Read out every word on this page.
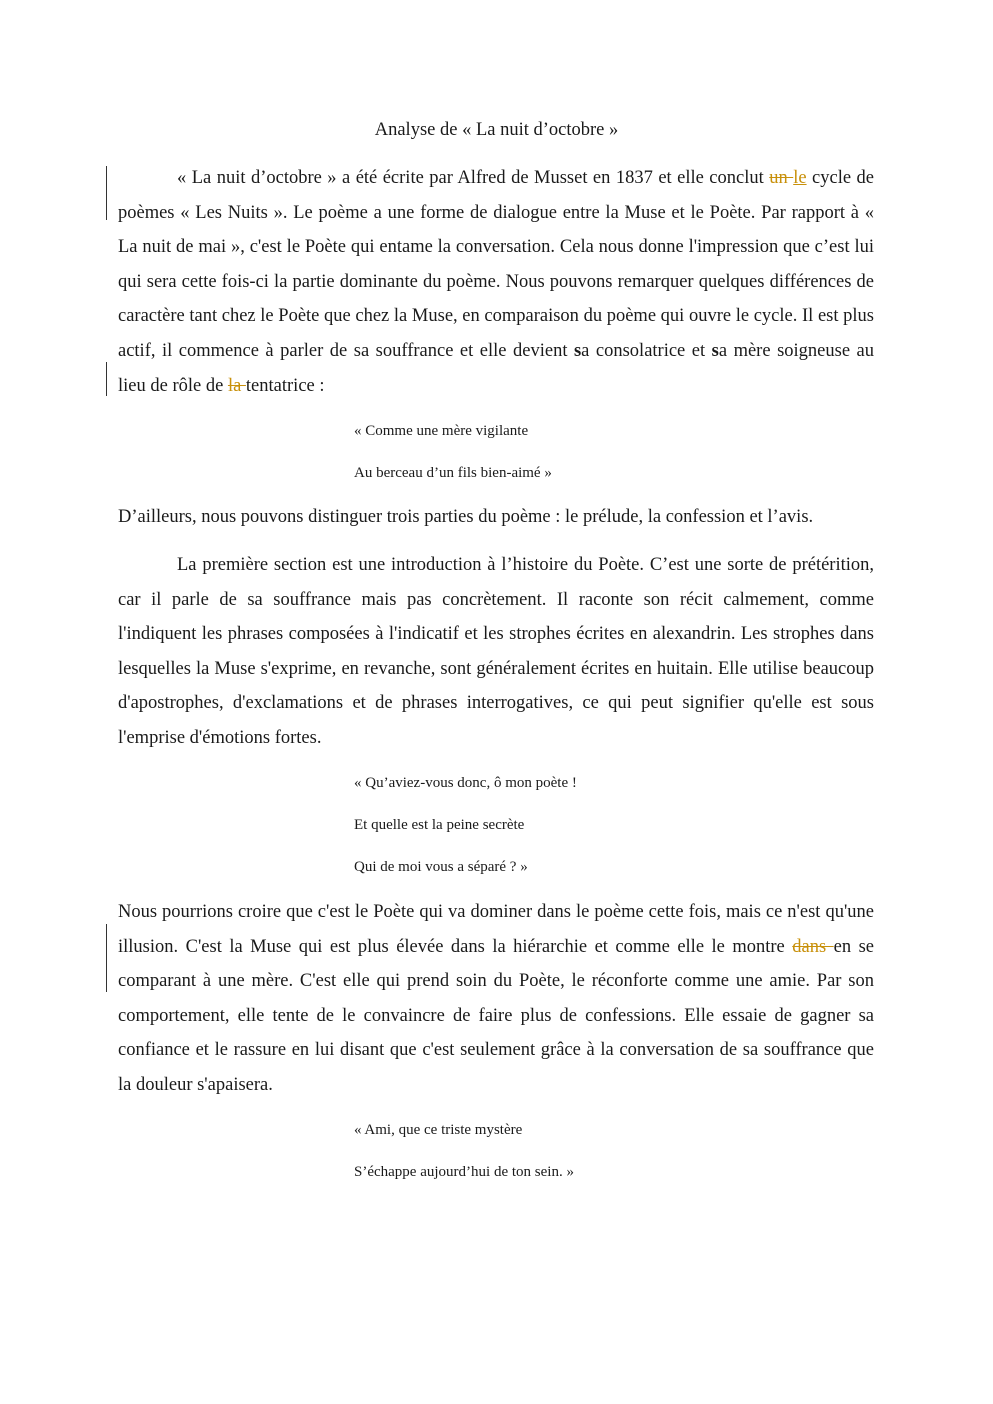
Analyse de « La nuit d’octobre »

« La nuit d’octobre » a été écrite par Alfred de Musset en 1837 et elle conclut un le cycle de poèmes « Les Nuits ». Le poème a une forme de dialogue entre la Muse et le Poète. Par rapport à « La nuit de mai », c'est le Poète qui entame la conversation. Cela nous donne l'impression que c’est lui qui sera cette fois-ci la partie dominante du poème. Nous pouvons remarquer quelques différences de caractère tant chez le Poète que chez la Muse, en comparaison du poème qui ouvre le cycle. Il est plus actif, il commence à parler de sa souffrance et elle devient sa consolatrice et sa mère soigneuse au lieu de rôle de la tentatrice :

« Comme une mère vigilante
Au berceau d’un fils bien-aimé »

D’ailleurs, nous pouvons distinguer trois parties du poème : le prélude, la confession et l’avis.

La première section est une introduction à l’histoire du Poète. C’est une sorte de prétérition, car il parle de sa souffrance mais pas concrètement. Il raconte son récit calmement, comme l'indiquent les phrases composées à l'indicatif et les strophes écrites en alexandrin. Les strophes dans lesquelles la Muse s'exprime, en revanche, sont généralement écrites en huitain. Elle utilise beaucoup d'apostrophes, d'exclamations et de phrases interrogatives, ce qui peut signifier qu'elle est sous l'emprise d'émotions fortes.

« Qu’aviez-vous donc, ô mon poète !
Et quelle est la peine secrète
Qui de moi vous a séparé ? »

Nous pourrions croire que c'est le Poète qui va dominer dans le poème cette fois, mais ce n'est qu'une illusion. C'est la Muse qui est plus élevée dans la hiérarchie et comme elle le montre dans en se comparant à une mère. C'est elle qui prend soin du Poète, le réconforte comme une amie. Par son comportement, elle tente de le convaincre de faire plus de confessions. Elle essaie de gagner sa confiance et le rassure en lui disant que c'est seulement grâce à la conversation de sa souffrance que la douleur s'apaisera.

« Ami, que ce triste mystère
S’échappe aujourd’hui de ton sein. »
